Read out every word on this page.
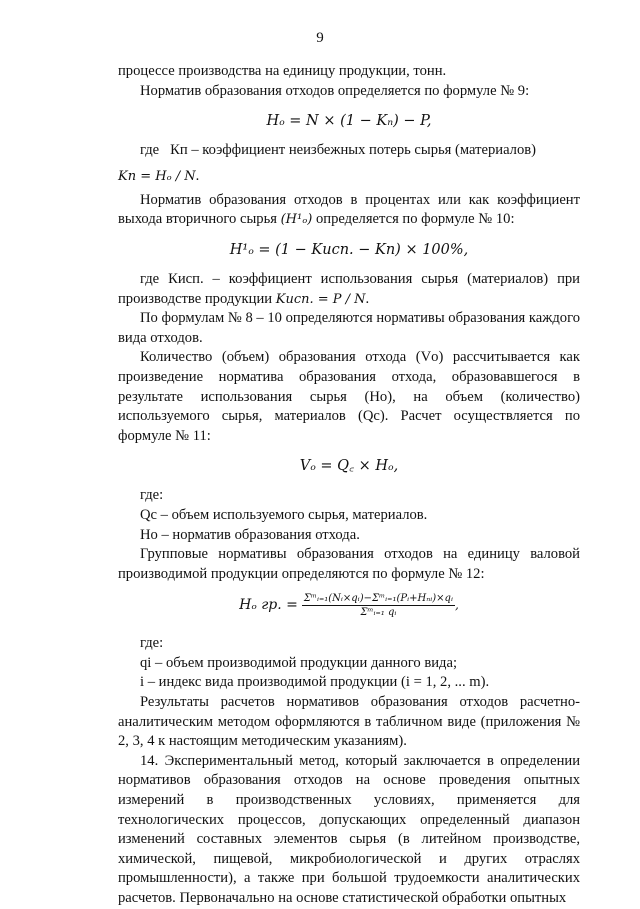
9

процессе производства на единицу продукции, тонн.

Норматив образования отходов определяется по формуле № 9:

Hₒ = N × (1 − Kₙ) − P,

где Кп – коэффициент неизбежных потерь сырья (материалов)

Kп = Hₒ / N.

Норматив образования отходов в процентах или как коэффициент выхода вторичного сырья (H¹ₒ) определяется по формуле № 10:

H¹ₒ = (1 − Kисп. − Kп) × 100%,

где Кисп. – коэффициент использования сырья (материалов) при производстве продукции Kисп. = P / N.

По формулам № 8 – 10 определяются нормативы образования каждого вида отходов.

Количество (объем) образования отхода (Vо) рассчитывается как произведение норматива образования отхода, образовавшегося в результате использования сырья (Но), на объем (количество) используемого сырья, материалов (Qс). Расчет осуществляется по формуле № 11:

Vₒ = Q꜀ × Hₒ,

где:

Qс – объем используемого сырья, материалов.

Но – норматив образования отхода.

Групповые нормативы образования отходов на единицу валовой производимой продукции определяются по формуле № 12:

Hₒ гр. = $\frac{\text{Σᵐᵢ₌₁(Nᵢ×qᵢ)−Σᵐᵢ₌₁(Pᵢ+Hₙᵢ)×qᵢ}}{\text{Σᵐᵢ₌₁ qᵢ}}$ ,

где:

qi – объем производимой продукции данного вида;

i – индекс вида производимой продукции (i = 1, 2, ... m).

Результаты расчетов нормативов образования отходов расчетно-аналитическим методом оформляются в табличном виде (приложения № 2, 3, 4 к настоящим методическим указаниям).

14. Экспериментальный метод, который заключается в определении нормативов образования отходов на основе проведения опытных измерений в производственных условиях, применяется для технологических процессов, допускающих определенный диапазон изменений составных элементов сырья (в литейном производстве, химической, пищевой, микробиологической и других отраслях промышленности), а также при большой трудоемкости аналитических расчетов. Первоначально на основе статистической обработки опытных
